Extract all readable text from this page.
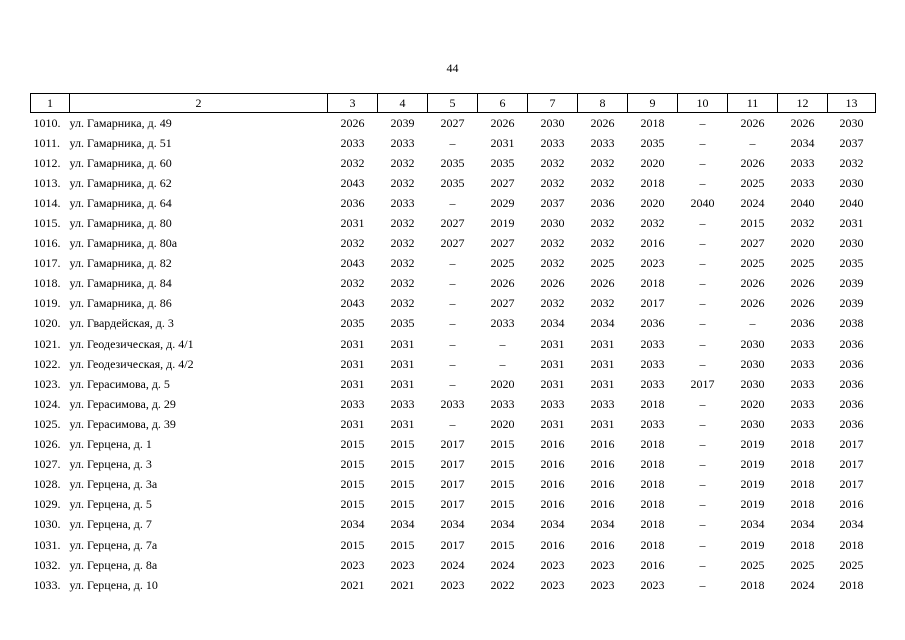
44
1	2	3	4	5	6	7	8	9	10	11	12	13
1010.	ул. Гамарника, д. 49	2026	2039	2027	2026	2030	2026	2018	–	2026	2026	2030
1011.	ул. Гамарника, д. 51	2033	2033	–	2031	2033	2033	2035	–	–	2034	2037
1012.	ул. Гамарника, д. 60	2032	2032	2035	2035	2032	2032	2020	–	2026	2033	2032
1013.	ул. Гамарника, д. 62	2043	2032	2035	2027	2032	2032	2018	–	2025	2033	2030
1014.	ул. Гамарника, д. 64	2036	2033	–	2029	2037	2036	2020	2040	2024	2040	2040
1015.	ул. Гамарника, д. 80	2031	2032	2027	2019	2030	2032	2032	–	2015	2032	2031
1016.	ул. Гамарника, д. 80а	2032	2032	2027	2027	2032	2032	2016	–	2027	2020	2030
1017.	ул. Гамарника, д. 82	2043	2032	–	2025	2032	2025	2023	–	2025	2025	2035
1018.	ул. Гамарника, д. 84	2032	2032	–	2026	2026	2026	2018	–	2026	2026	2039
1019.	ул. Гамарника, д. 86	2043	2032	–	2027	2032	2032	2017	–	2026	2026	2039
1020.	ул. Гвардейская, д. 3	2035	2035	–	2033	2034	2034	2036	–	–	2036	2038
1021.	ул. Геодезическая, д. 4/1	2031	2031	–	–	2031	2031	2033	–	2030	2033	2036
1022.	ул. Геодезическая, д. 4/2	2031	2031	–	–	2031	2031	2033	–	2030	2033	2036
1023.	ул. Герасимова, д. 5	2031	2031	–	2020	2031	2031	2033	2017	2030	2033	2036
1024.	ул. Герасимова, д. 29	2033	2033	2033	2033	2033	2033	2018	–	2020	2033	2036
1025.	ул. Герасимова, д. 39	2031	2031	–	2020	2031	2031	2033	–	2030	2033	2036
1026.	ул. Герцена, д. 1	2015	2015	2017	2015	2016	2016	2018	–	2019	2018	2017
1027.	ул. Герцена, д. 3	2015	2015	2017	2015	2016	2016	2018	–	2019	2018	2017
1028.	ул. Герцена, д. 3а	2015	2015	2017	2015	2016	2016	2018	–	2019	2018	2017
1029.	ул. Герцена, д. 5	2015	2015	2017	2015	2016	2016	2018	–	2019	2018	2016
1030.	ул. Герцена, д. 7	2034	2034	2034	2034	2034	2034	2018	–	2034	2034	2034
1031.	ул. Герцена, д. 7а	2015	2015	2017	2015	2016	2016	2018	–	2019	2018	2018
1032.	ул. Герцена, д. 8а	2023	2023	2024	2024	2023	2023	2016	–	2025	2025	2025
1033.	ул. Герцена, д. 10	2021	2021	2023	2022	2023	2023	2023	–	2018	2024	2018
